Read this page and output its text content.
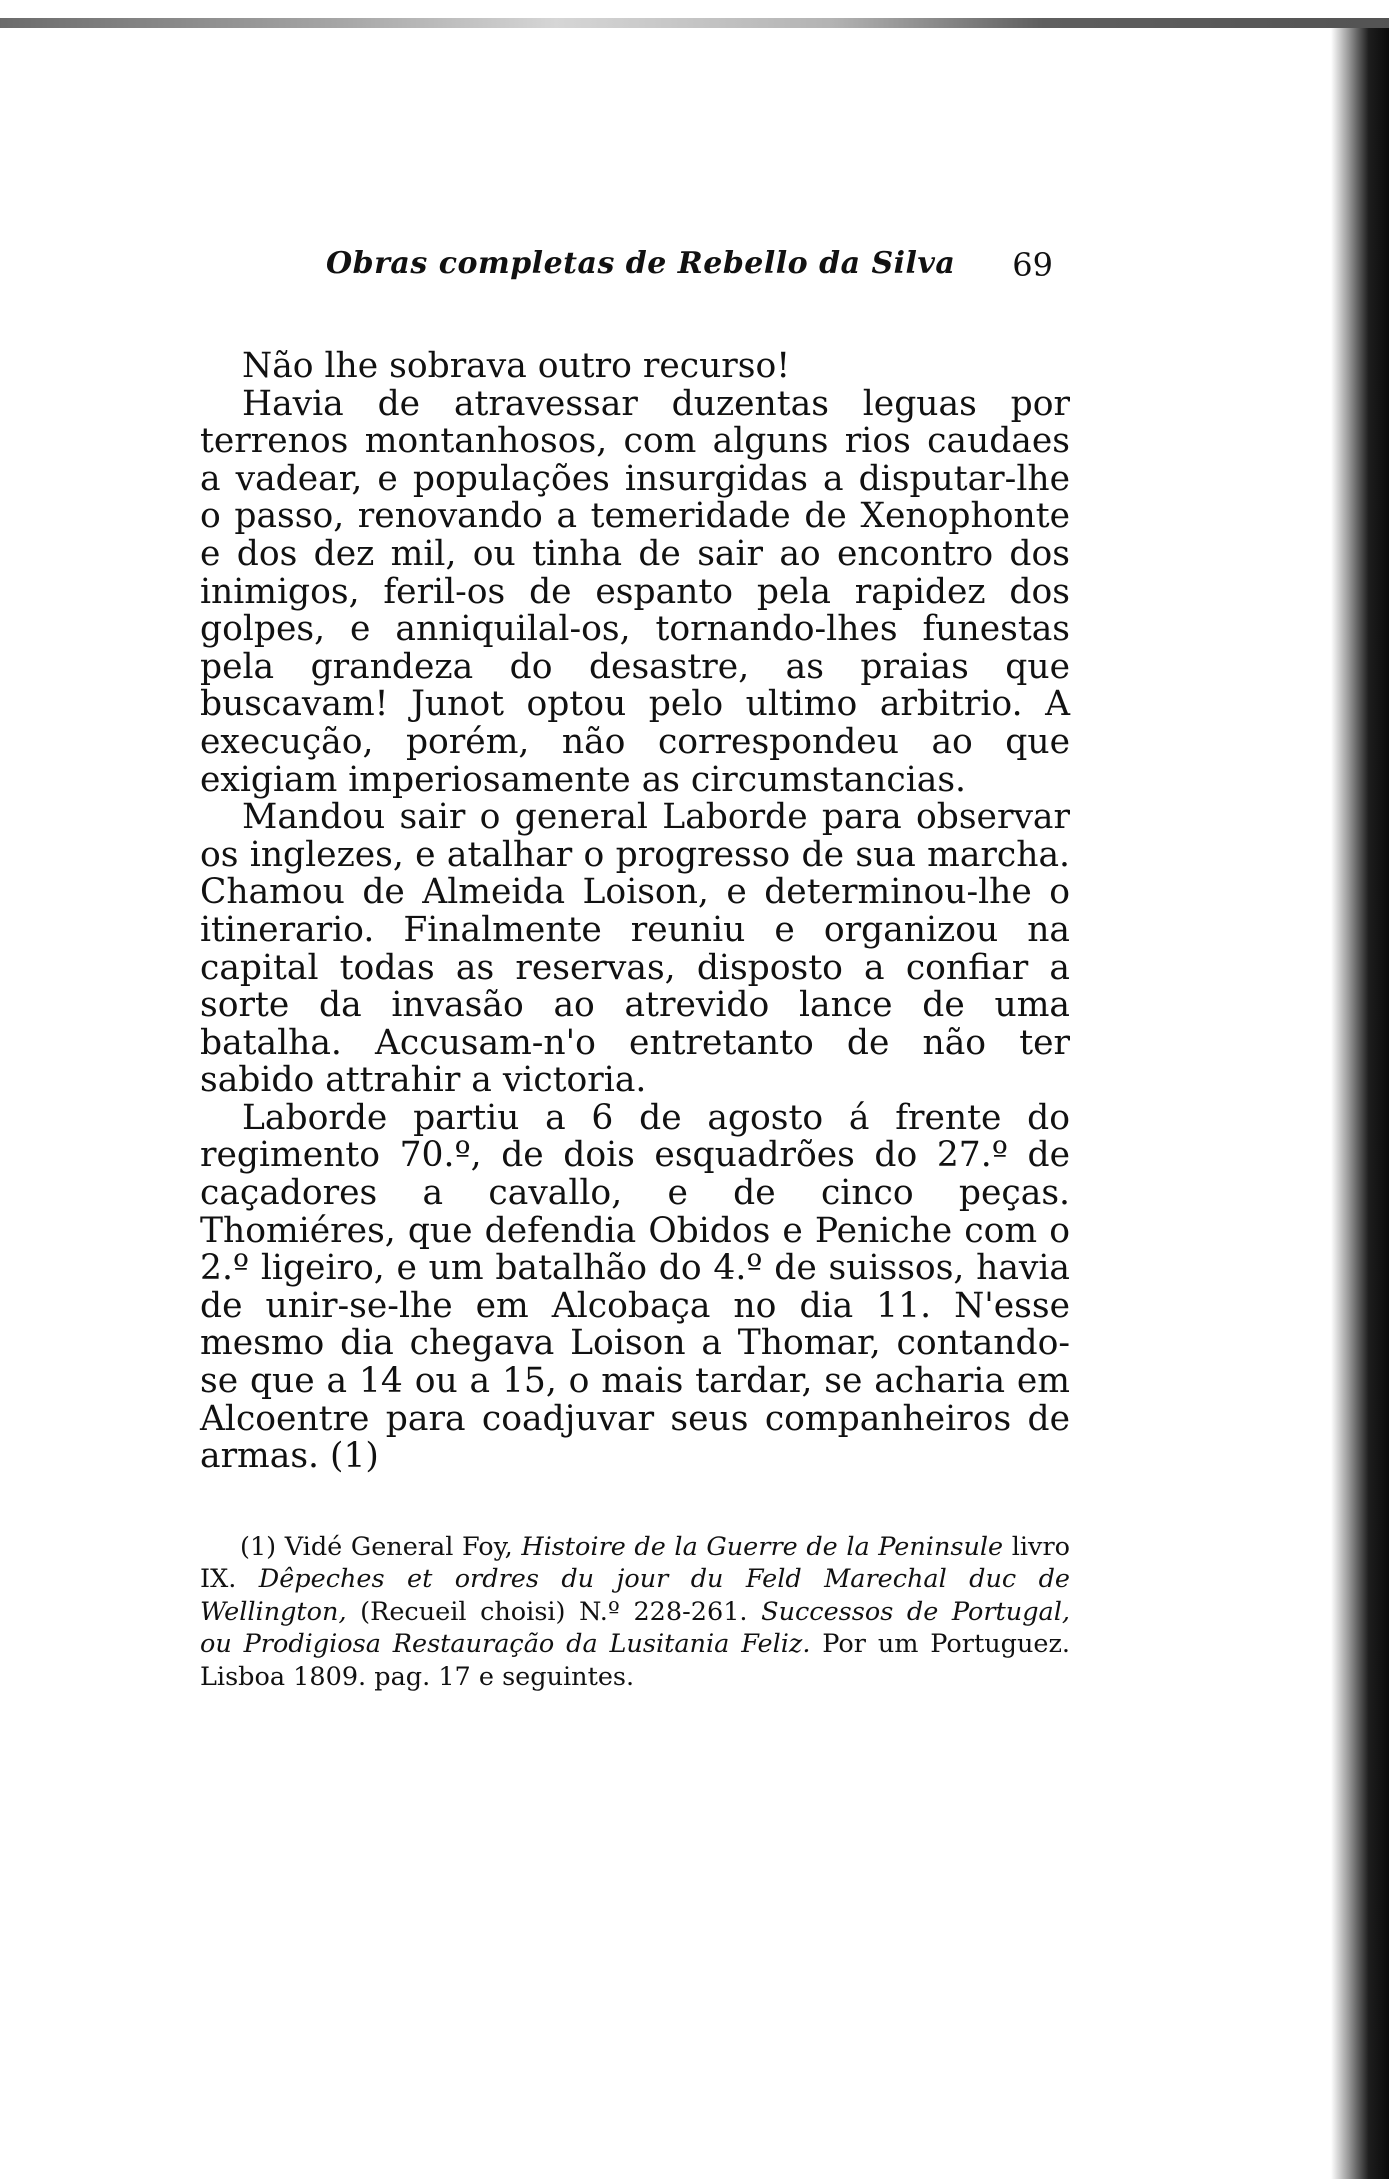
Obras completas de Rebello da Silva 69

Não lhe sobrava outro recurso!

Havia de atravessar duzentas leguas por terrenos montanhosos, com alguns rios caudaes a vadear, e populações insurgidas a disputar-lhe o passo, renovando a temeridade de Xenophonte e dos dez mil, ou tinha de sair ao encontro dos inimigos, feril-os de espanto pela rapidez dos golpes, e anniquilal-os, tornando-lhes funestas pela grandeza do desastre, as praias que buscavam! Junot optou pelo ultimo arbitrio. A execução, porém, não correspondeu ao que exigiam imperiosamente as circumstancias.

Mandou sair o general Laborde para observar os inglezes, e atalhar o progresso de sua marcha. Chamou de Almeida Loison, e determinou-lhe o itinerario. Finalmente reuniu e organizou na capital todas as reservas, disposto a confiar a sorte da invasão ao atrevido lance de uma batalha. Accusam-n'o entretanto de não ter sabido attrahir a victoria.

Laborde partiu a 6 de agosto á frente do regimento 70.º, de dois esquadrões do 27.º de caçadores a cavallo, e de cinco peças. Thomiéres, que defendia Obidos e Peniche com o 2.º ligeiro, e um batalhão do 4.º de suissos, havia de unir-se-lhe em Alcobaça no dia 11. N'esse mesmo dia chegava Loison a Thomar, contando-se que a 14 ou a 15, o mais tardar, se acharia em Alcoentre para coadjuvar seus companheiros de armas. (1)

(1) Vidé General Foy, Histoire de la Guerre de la Peninsule livro IX. Dêpeches et ordres du jour du Feld Marechal duc de Wellington, (Recueil choisi) N.º 228-261. Successos de Portugal, ou Prodigiosa Restauração da Lusitania Feliz. Por um Portuguez. Lisboa 1809. pag. 17 e seguintes.
